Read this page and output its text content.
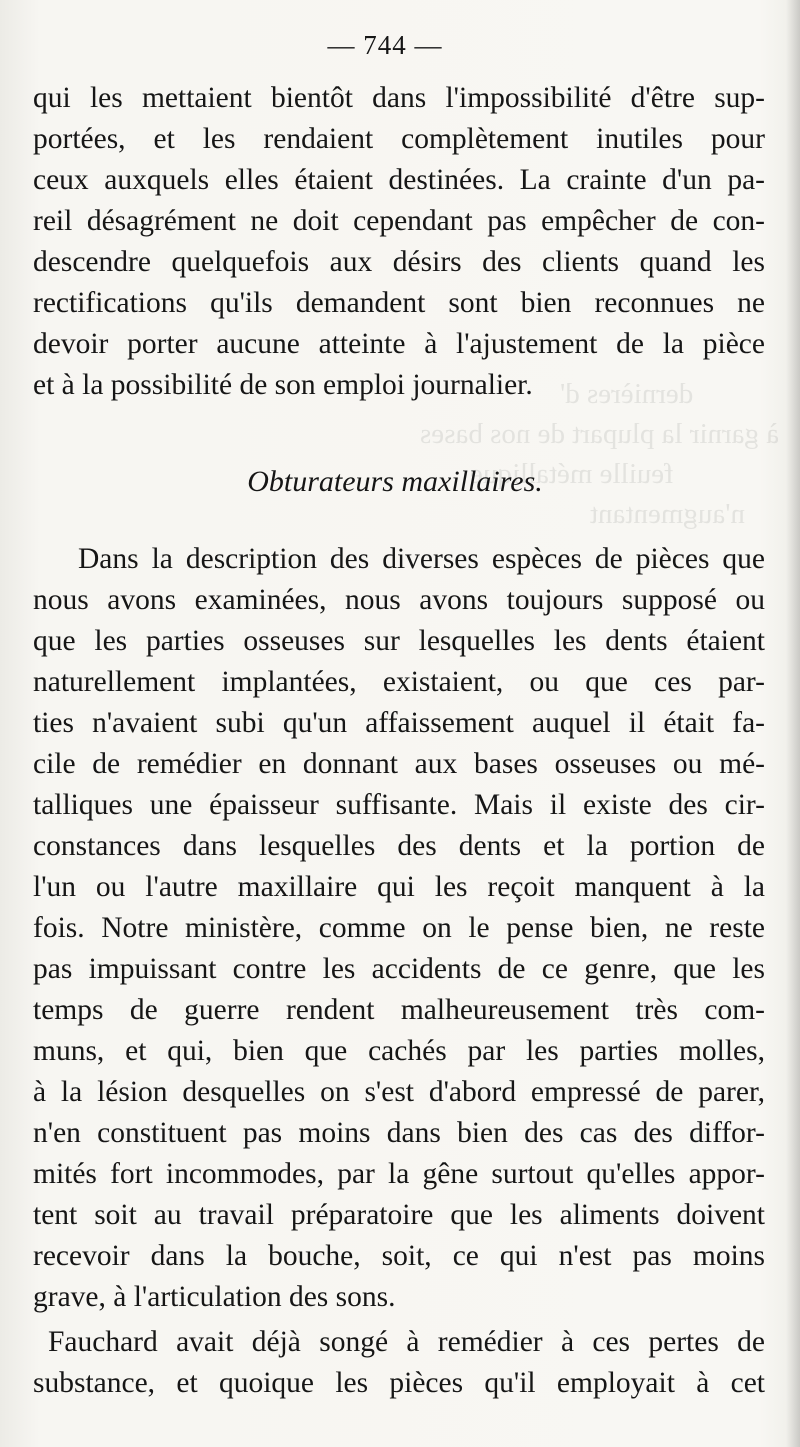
dernières d'
à garnir la plupart de nos bases
feuille métallique
n'augmentant
— 744 —
qui les mettaient bientôt dans l'impossibilité d'être sup-
portées, et les rendaient complètement inutiles pour
ceux auxquels elles étaient destinées. La crainte d'un pa-
reil désagrément ne doit cependant pas empêcher de con-
descendre quelquefois aux désirs des clients quand les
rectifications qu'ils demandent sont bien reconnues ne
devoir porter aucune atteinte à l'ajustement de la pièce
et à la possibilité de son emploi journalier.
Obturateurs maxillaires.
Dans la description des diverses espèces de pièces que
nous avons examinées, nous avons toujours supposé ou
que les parties osseuses sur lesquelles les dents étaient
naturellement implantées, existaient, ou que ces par-
ties n'avaient subi qu'un affaissement auquel il était fa-
cile de remédier en donnant aux bases osseuses ou mé-
talliques une épaisseur suffisante. Mais il existe des cir-
constances dans lesquelles des dents et la portion de
l'un ou l'autre maxillaire qui les reçoit manquent à la
fois. Notre ministère, comme on le pense bien, ne reste
pas impuissant contre les accidents de ce genre, que les
temps de guerre rendent malheureusement très com-
muns, et qui, bien que cachés par les parties molles,
à la lésion desquelles on s'est d'abord empressé de parer,
n'en constituent pas moins dans bien des cas des diffor-
mités fort incommodes, par la gêne surtout qu'elles appor-
tent soit au travail préparatoire que les aliments doivent
recevoir dans la bouche, soit, ce qui n'est pas moins
grave, à l'articulation des sons.
Fauchard avait déjà songé à remédier à ces pertes de
substance, et quoique les pièces qu'il employait à cet
